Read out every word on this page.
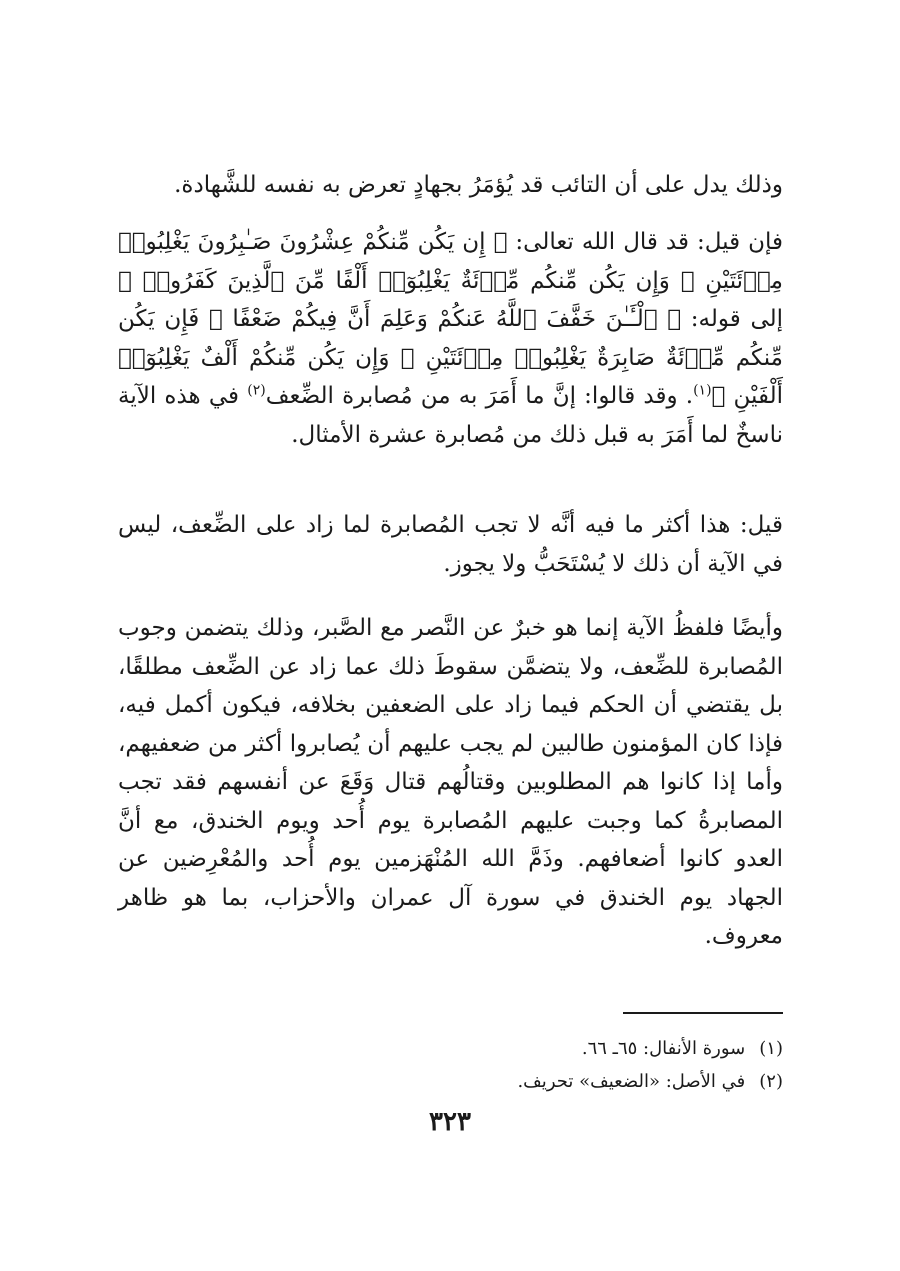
وذلك يدل على أن التائب قد يُؤمَرُ بجهادٍ تعرض به نفسه للشَّهادة.
فإن قيل: قد قال الله تعالى: ﴿ إِن يَكُن مِّنكُمْ عِشْرُونَ صَـٰبِرُونَ يَغْلِبُوا۟ مِا۟ئَتَيْنِ ۚ وَإِن يَكُن مِّنكُم مِّا۟ئَةٌ يَغْلِبُوٓا۟ أَلْفًا مِّنَ ٱلَّذِينَ كَفَرُوا۟ ﴾ إلى قوله: ﴿ ٱلْـَٔـٰنَ خَفَّفَ ٱللَّهُ عَنكُمْ وَعَلِمَ أَنَّ فِيكُمْ ضَعْفًا ۚ فَإِن يَكُن مِّنكُم مِّا۟ئَةٌ صَابِرَةٌ يَغْلِبُوا۟ مِا۟ئَتَيْنِ ۚ وَإِن يَكُن مِّنكُمْ أَلْفٌ يَغْلِبُوٓا۟ أَلْفَيْنِ ﴾$^{(١)}$. وقد قالوا: إنَّ ما أَمَرَ به من مُصابرة الضِّعف$^{(٢)}$ في هذه الآية ناسخٌ لما أَمَرَ به قبل ذلك من مُصابرة عشرة الأمثال.
قيل: هذا أكثر ما فيه أنَّه لا تجب المُصابرة لما زاد على الضِّعف، ليس في الآية أن ذلك لا يُسْتَحَبُّ ولا يجوز.
وأيضًا فلفظُ الآية إنما هو خبرٌ عن النَّصر مع الصَّبر، وذلك يتضمن وجوب المُصابرة للضِّعف، ولا يتضمَّن سقوطَ ذلك عما زاد عن الضِّعف مطلقًا، بل يقتضي أن الحكم فيما زاد على الضعفين بخلافه، فيكون أكمل فيه، فإذا كان المؤمنون طالبين لم يجب عليهم أن يُصابروا أكثر من ضعفيهم، وأما إذا كانوا هم المطلوبين وقتالُهم قتال وَقَعَ عن أنفسهم فقد تجب المصابرةُ كما وجبت عليهم المُصابرة يوم أُحد ويوم الخندق، مع أنَّ العدو كانوا أضعافهم. وذَمَّ الله المُنْهَزمين يوم أُحد والمُعْرِضين عن الجهاد يوم الخندق في سورة آل عمران والأحزاب، بما هو ظاهر معروف.
(١)سورة الأنفال: ٦٥ـ ٦٦.
(٢)في الأصل: «الضعيف» تحريف.
٣٢٣
